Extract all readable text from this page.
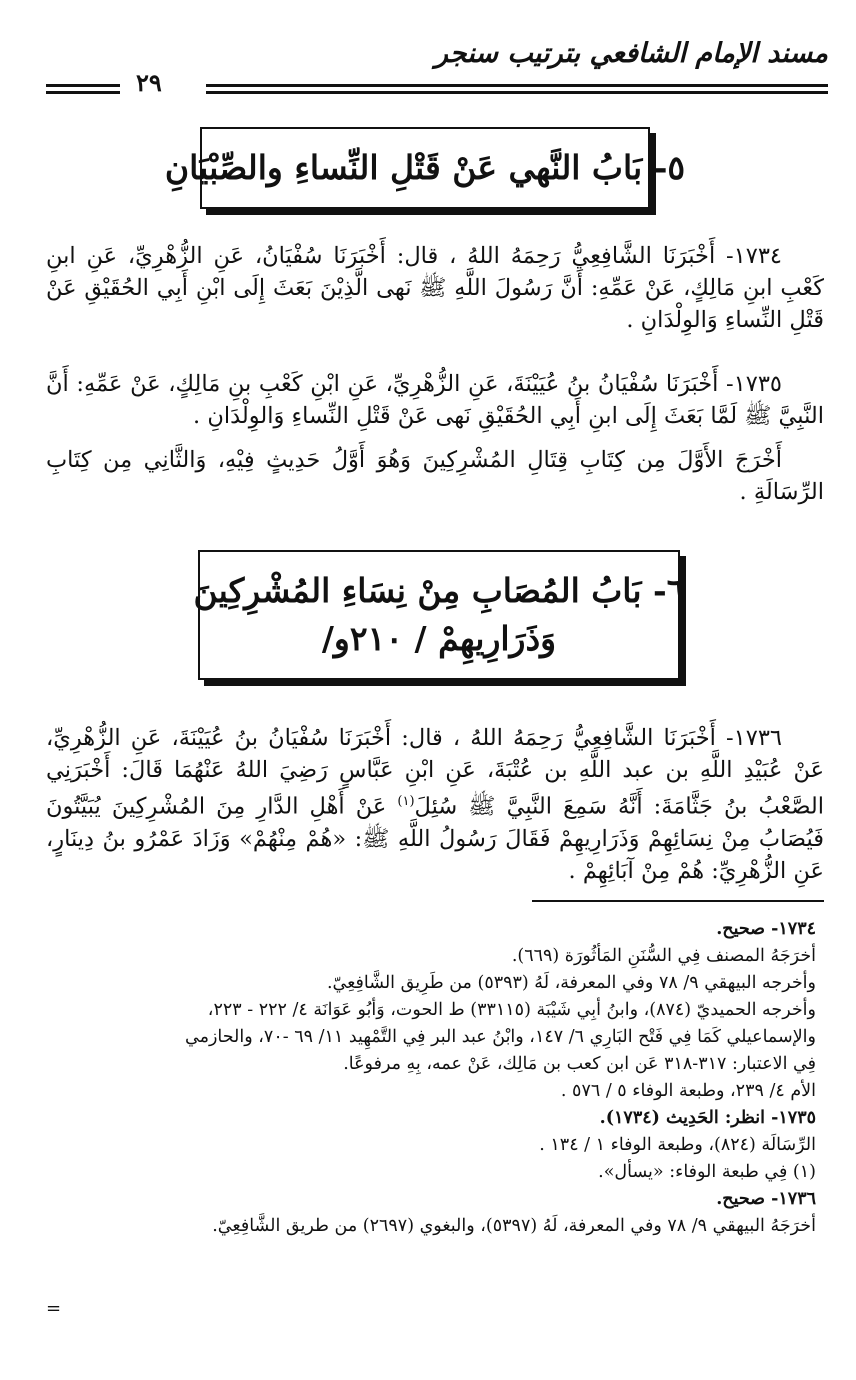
مسند الإمام الشافعي بترتيب سنجر
٢٩
٥- بَابُ النَّهي عَنْ قَتْلِ النِّساءِ والصِّبْيَانِ
١٧٣٤- أَخْبَرَنَا الشَّافِعِيُّ رَحِمَهُ اللهُ ، قال: أَخْبَرَنَا سُفْيَانُ، عَنِ الزُّهْرِيِّ، عَنِ ابنِ كَعْبِ ابنِ مَالِكٍ، عَنْ عَمِّهِ: أَنَّ رَسُولَ اللَّهِ ﷺ نَهى الَّذِيْنَ بَعَثَ إِلَى ابْنِ أَبِي الحُقَيْقِ عَنْ قَتْلِ النِّساءِ وَالوِلْدَانِ .
١٧٣٥- أَخْبَرَنَا سُفْيَانُ بنُ عُيَيْنَةَ، عَنِ الزُّهْرِيِّ، عَنِ ابْنِ كَعْبِ بنِ مَالِكٍ، عَنْ عَمِّهِ: أَنَّ النَّبِيَّ ﷺ لَمَّا بَعَثَ إِلَى ابنِ أَبِي الحُقَيْقِ نَهى عَنْ قَتْلِ النِّساءِ وَالوِلْدَانِ .
أَخْرَجَ الأَوَّلَ مِن كِتَابِ قِتَالِ المُشْرِكِينَ وَهُوَ أَوَّلُ حَدِيثٍ فِيْهِ، وَالثَّانِي مِن كِتَابِ الرِّسَالَةِ .
٦- بَابُ المُصَابِ مِنْ نِسَاءِ المُشْرِكِينَ
وَذَرَارِيهِمْ / ٢١٠و/
١٧٣٦- أَخْبَرَنَا الشَّافِعِيُّ رَحِمَهُ اللهُ ، قال: أَخْبَرَنَا سُفْيَانُ بنُ عُيَيْنَةَ، عَنِ الزُّهْرِيِّ، عَنْ عُبَيْدِ اللَّهِ بن عبد اللَّهِ بن عُتْبَةَ، عَنِ ابْنِ عَبَّاسٍ رَضِيَ اللهُ عَنْهُمَا قَالَ: أَخْبَرَنِي الصَّعْبُ بنُ جَثَّامَةَ: أَنَّهُ سَمِعَ النَّبِيَّ ﷺ سُئِلَ$^{(١)}$ عَنْ أَهْلِ الدَّارِ مِنَ المُشْرِكِينَ يُبَيَّتُونَ فَيُصَابُ مِنْ نِسَائِهِمْ وَذَرَارِيهِمْ فَقَالَ رَسُولُ اللَّهِ ﷺ: «هُمْ مِنْهُمْ» وَزَادَ عَمْرُو بنُ دِينَارٍ، عَنِ الزُّهْرِيِّ: هُمْ مِنْ آبَائِهِمْ .
١٧٣٤- صحيح.
أَخرَجَهُ المصنف فِي السُّنَنِ المَأثُورَة (٦٦٩).
وأخرجه البيهقي ٩/ ٧٨ وفي المعرفة، لَهُ (٥٣٩٣) من طَرِيق الشَّافِعِيّ.
وأخرجه الحميديّ (٨٧٤)، وابنُ أَبِي شَيْبَة (٣٣١١٥) ط الحوت، وَأَبُو عَوَانَة ٤/ ٢٢٢ - ٢٢٣،
والإسماعيلي كَمَا فِي فَتْح البَارِي ٦/ ١٤٧، وابْنُ عبد البر فِي التَّمْهِيد ١١/ ٦٩ -٧٠، والحازمي
فِي الاعتبار: ٣١٧-٣١٨ عَن ابن كعب بن مَالِك، عَنْ عمه، بِهِ مرفوعًا.
الأم ٤/ ٢٣٩، وطبعة الوفاء ٥ / ٥٧٦ .
١٧٣٥- انظر: الحَدِيث (١٧٣٤).
الرِّسَالَة (٨٢٤)، وطبعة الوفاء ١ / ١٣٤ .
(١) فِي طبعة الوفاء: «يسأل».
١٧٣٦- صحيح.
أَخرَجَهُ البيهقي ٩/ ٧٨ وفي المعرفة، لَهُ (٥٣٩٧)، والبغوي (٢٦٩٧) من طريق الشَّافِعِيّ.
=
